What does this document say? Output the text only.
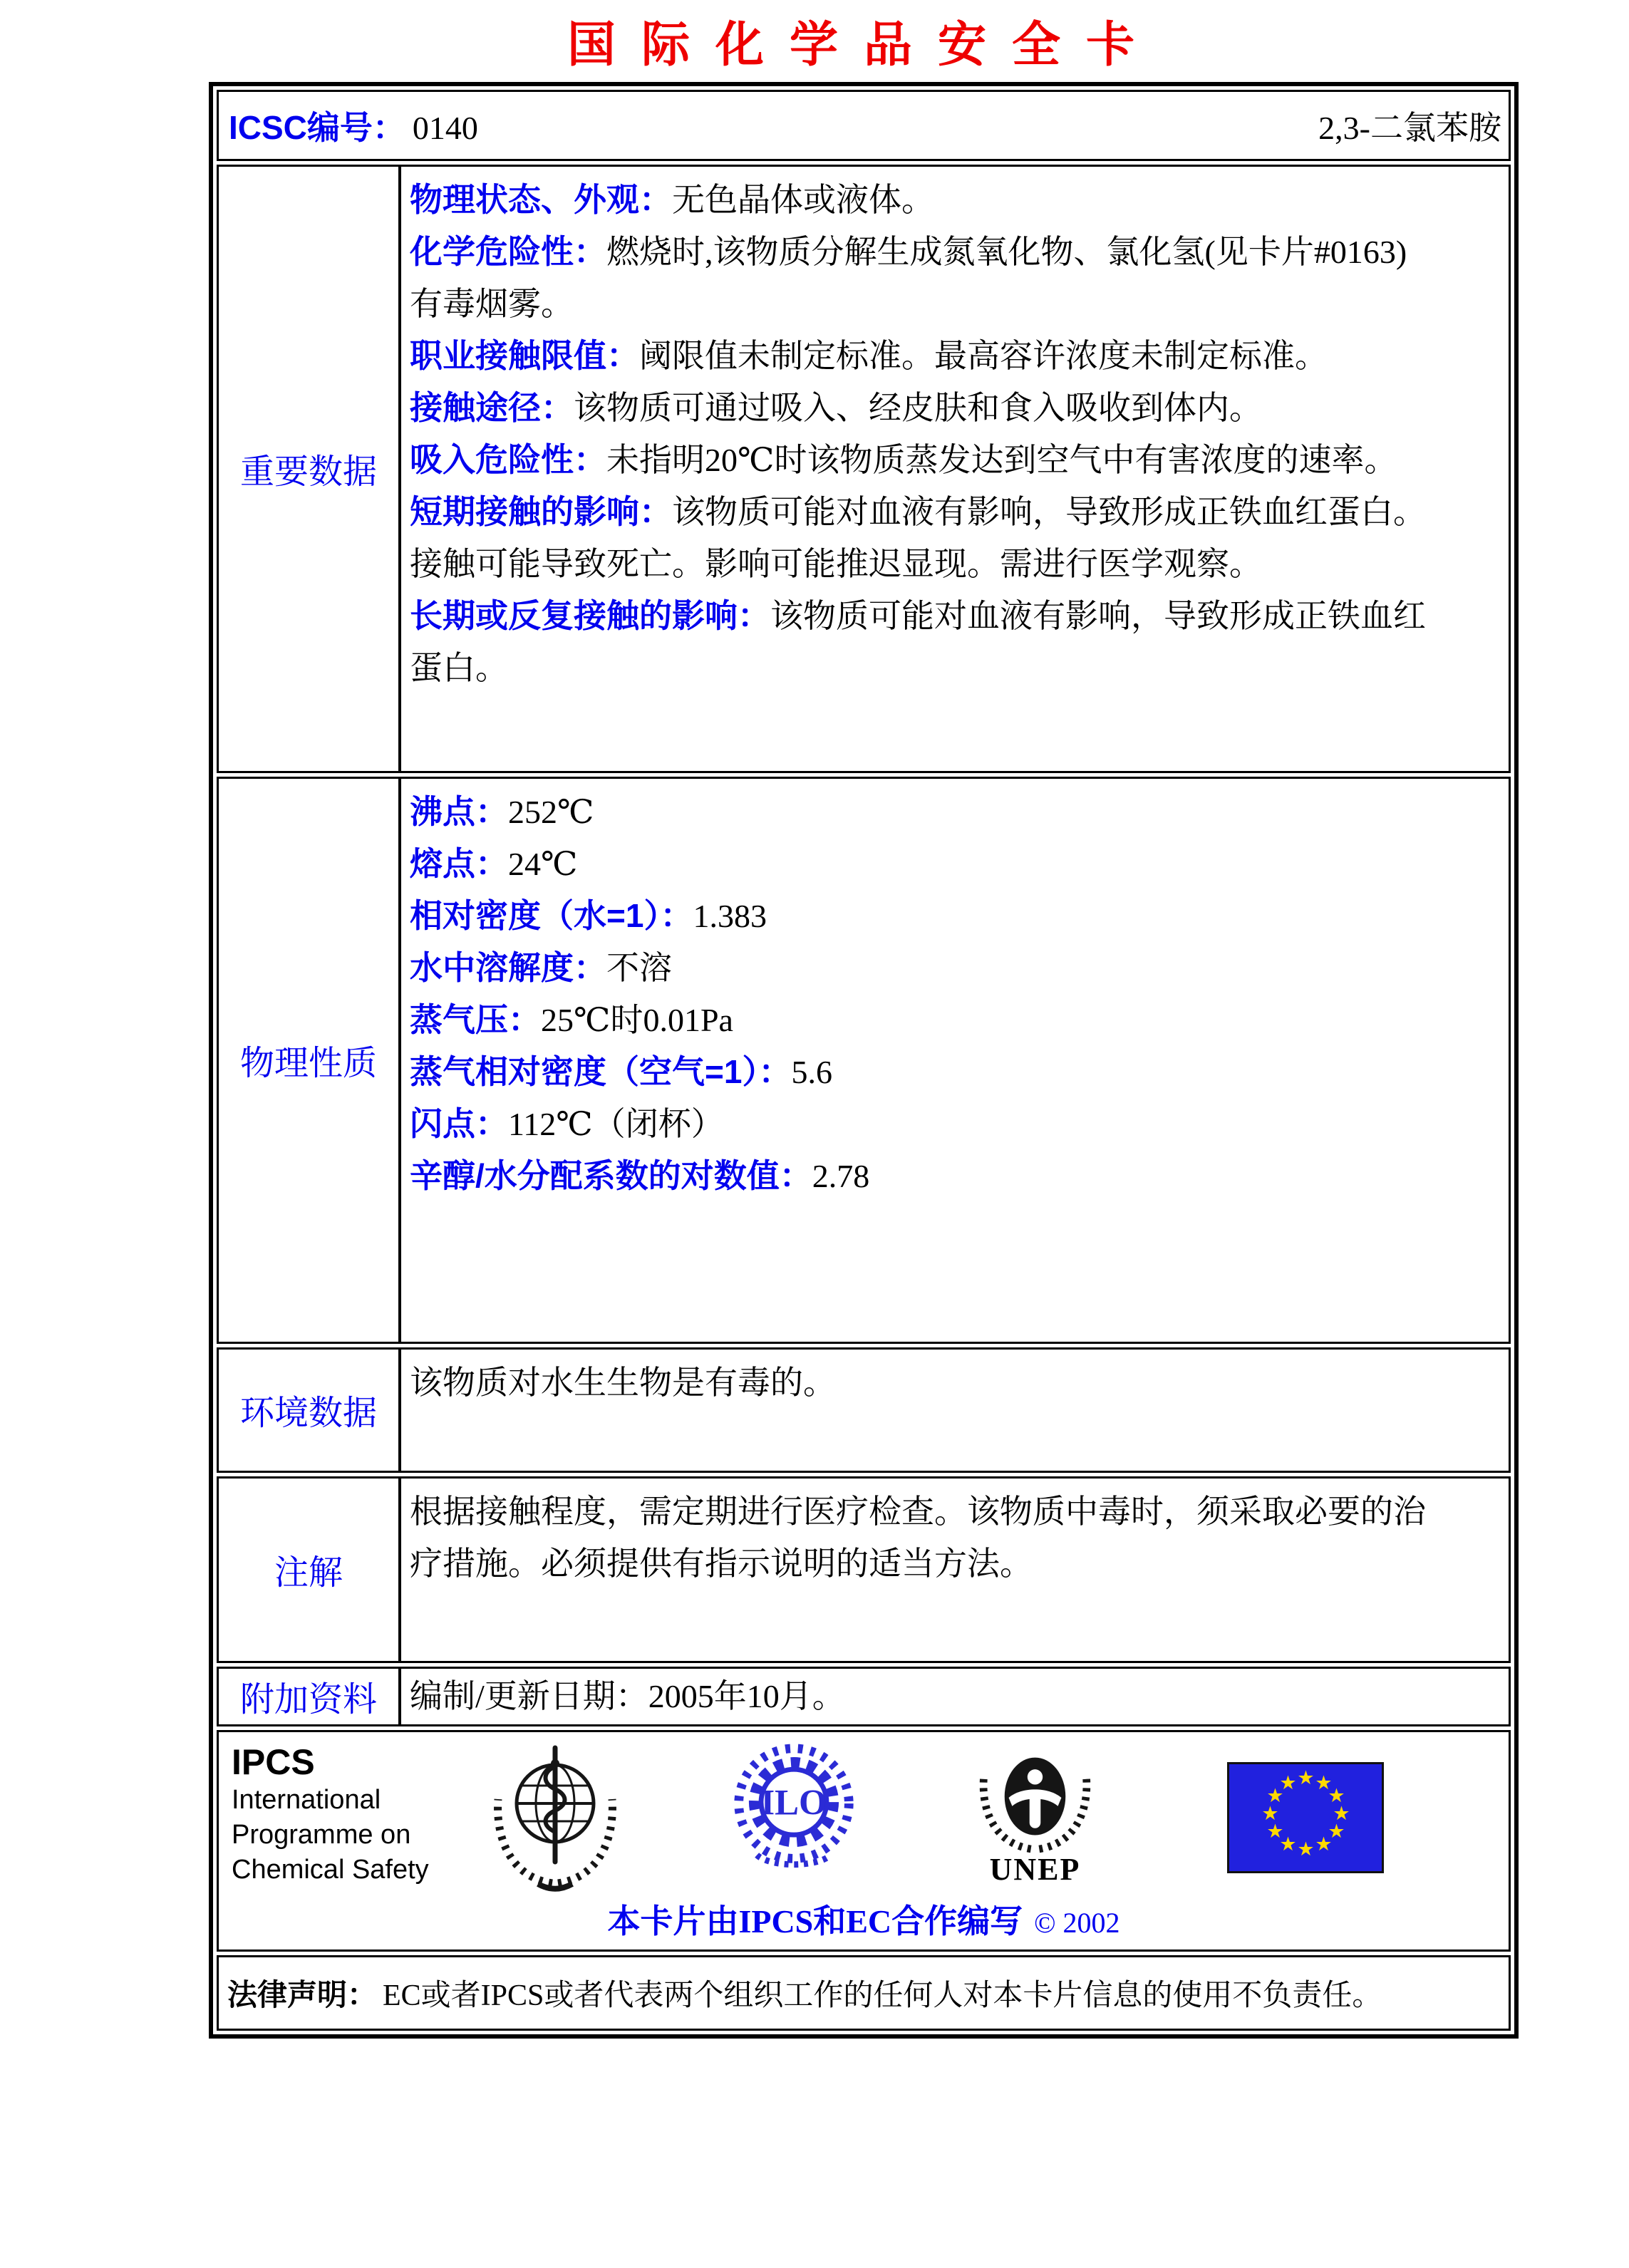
国际化学品安全卡
ICSC编号： 0140	2,3-二氯苯胺
重要数据
物理状态、外观：无色晶体或液体。
化学危险性：燃烧时,该物质分解生成氮氧化物、氯化氢(见卡片#0163)
有毒烟雾。
职业接触限值：阈限值未制定标准。最高容许浓度未制定标准。
接触途径：该物质可通过吸入、经皮肤和食入吸收到体内。
吸入危险性：未指明20℃时该物质蒸发达到空气中有害浓度的速率。
短期接触的影响：该物质可能对血液有影响，导致形成正铁血红蛋白。
接触可能导致死亡。影响可能推迟显现。需进行医学观察。
长期或反复接触的影响：该物质可能对血液有影响，导致形成正铁血红
蛋白。
物理性质
沸点：252℃
熔点：24℃
相对密度（水=1）：1.383
水中溶解度：不溶
蒸气压：25℃时0.01Pa
蒸气相对密度（空气=1）：5.6
闪点：112℃（闭杯）
辛醇/水分配系数的对数值：2.78
环境数据
该物质对水生生物是有毒的。
注解
根据接触程度，需定期进行医疗检查。该物质中毒时，须采取必要的治
疗措施。必须提供有指示说明的适当方法。
附加资料	编制/更新日期：2005年10月。
IPCS
International
Programme on
Chemical Safety
ILO
UNEP
★ ★
★
★
★
★
★
★
★
★
★
★
本卡片由IPCS和EC合作编写 © 2002
法律声明： EC或者IPCS或者代表两个组织工作的任何人对本卡片信息的使用不负责任。
